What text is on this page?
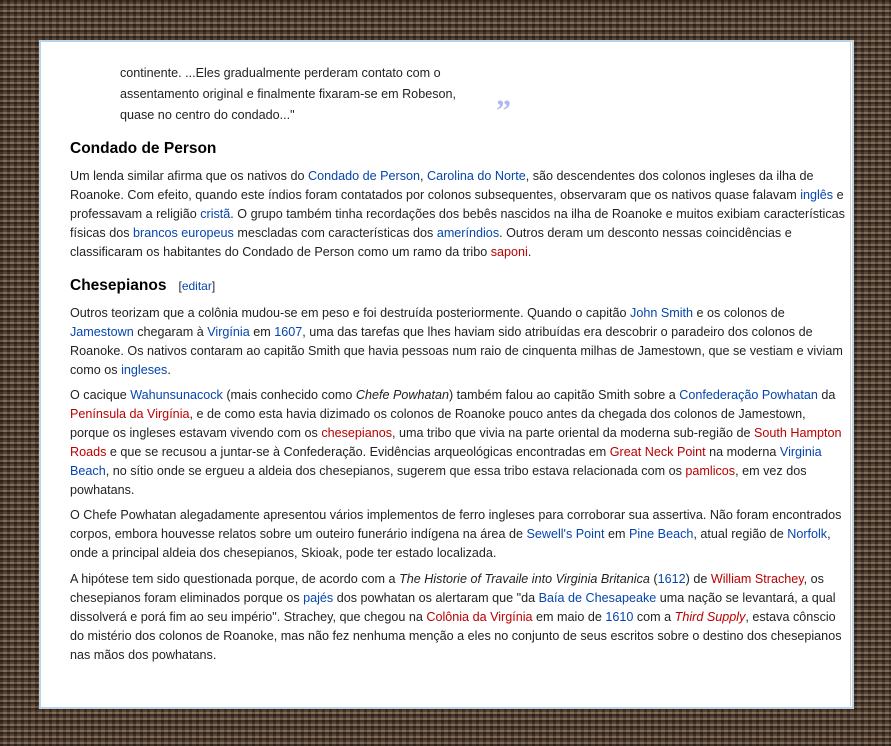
continente. ...Eles gradualmente perderam contato com o
assentamento original e finalmente fixaram-se em Robeson,
quase no centro do condado..."	”
Condado de Person

Um lenda similar afirma que os nativos do Condado de Person, Carolina do Norte, são descendentes dos colonos ingleses da ilha de Roanoke. Com efeito, quando este índios foram contatados por colonos subsequentes, observaram que os nativos quase falavam inglês e professavam a religião cristã. O grupo também tinha recordações dos bebês nascidos na ilha de Roanoke e muitos exibiam características físicas dos brancos europeus mescladas com características dos ameríndios. Outros deram um desconto nessas coincidências e classificaram os habitantes do Condado de Person como um ramo da tribo saponi.

Chesepianos [editar]

Outros teorizam que a colônia mudou-se em peso e foi destruída posteriormente. Quando o capitão John Smith e os colonos de Jamestown chegaram à Virgínia em 1607, uma das tarefas que lhes haviam sido atribuídas era descobrir o paradeiro dos colonos de Roanoke. Os nativos contaram ao capitão Smith que havia pessoas num raio de cinquenta milhas de Jamestown, que se vestiam e viviam como os ingleses.

O cacique Wahunsunacock (mais conhecido como Chefe Powhatan) também falou ao capitão Smith sobre a Confederação Powhatan da Península da Virgínia, e de como esta havia dizimado os colonos de Roanoke pouco antes da chegada dos colonos de Jamestown, porque os ingleses estavam vivendo com os chesepianos, uma tribo que vivia na parte oriental da moderna sub-região de South Hampton Roads e que se recusou a juntar-se à Confederação. Evidências arqueológicas encontradas em Great Neck Point na moderna Virginia Beach, no sítio onde se ergueu a aldeia dos chesepianos, sugerem que essa tribo estava relacionada com os pamlicos, em vez dos powhatans.

O Chefe Powhatan alegadamente apresentou vários implementos de ferro ingleses para corroborar sua assertiva. Não foram encontrados corpos, embora houvesse relatos sobre um outeiro funerário indígena na área de Sewell's Point em Pine Beach, atual região de Norfolk, onde a principal aldeia dos chesepianos, Skioak, pode ter estado localizada.

A hipótese tem sido questionada porque, de acordo com a The Historie of Travaile into Virginia Britanica (1612) de William Strachey, os chesepianos foram eliminados porque os pajés dos powhatan os alertaram que "da Baía de Chesapeake uma nação se levantará, a qual dissolverá e porá fim ao seu império". Strachey, que chegou na Colônia da Virgínia em maio de 1610 com a Third Supply, estava cônscio do mistério dos colonos de Roanoke, mas não fez nenhuma menção a eles no conjunto de seus escritos sobre o destino dos chesepianos nas mãos dos powhatans.
